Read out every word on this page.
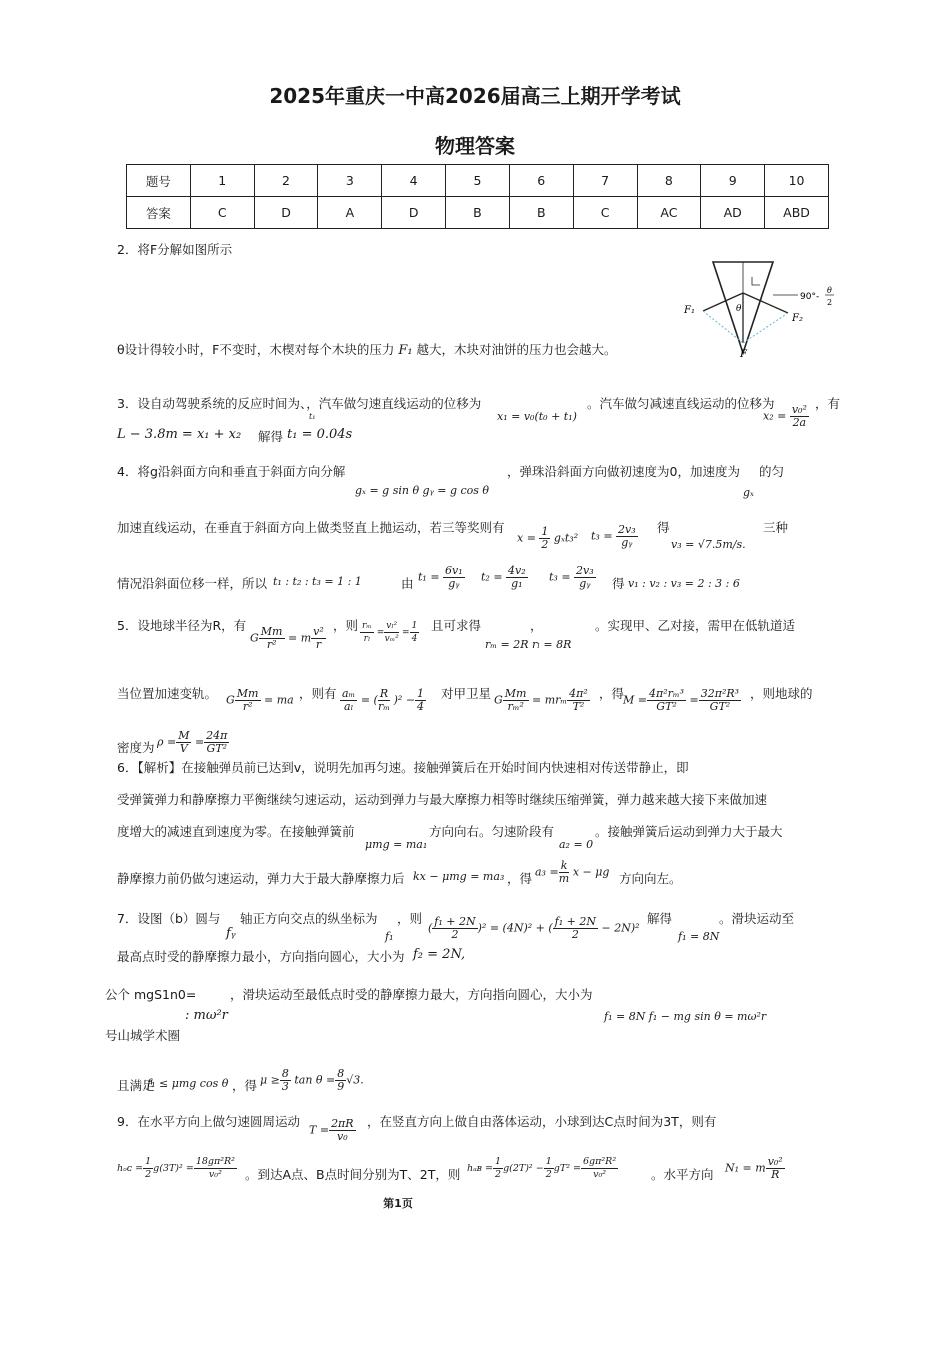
2025年重庆一中高2026届高三上期开学考试
物理答案
题号	1	2	3	4	5	6	7	8	9	10
答案	C	D	A	D	B	B	C	AC	AD	ABD
2．将F分解如图所示
θ设计得较小时，F不变时，木楔对每个木块的压力 F₁ 越大，木块对油饼的压力也会越大。
F₁
F₂
F
θ
90°-
θ
2
3．设自动驾驶系统的反应时间为、，汽车做匀速直线运动的位移为
t₁	x₁ = v₀(t₀ + t₁)
。汽车做匀减速直线运动的位移为
$x_2 = \frac{\text{v₀²}}{2a}$
，有
L − 3.8m = x₁ + x₂ 解得 t₁ = 0.04s
4．将g沿斜面方向和垂直于斜面方向分解
gₓ = g sin θ gᵧ = g cos θ
，弹珠沿斜面方向做初速度为0，加速度为 的匀
gₓ
加速直线运动，在垂直于斜面方向上做类竖直上抛运动，若三等奖则有
$x = \frac{1}{2} g_xt_3^2$ $t_3 = \frac{\text{2v₃}}{\text{gᵧ}}$ 得
v₃ = √7.5m/s.
三种
情况沿斜面位移一样，所以 t₁ : t₂ : t₃ = 1 : 1	由 $t_1 = \frac{\text{6v₁}}{\text{gᵧ}} t_2 = \frac{\text{4v₂}}{\text{g₁}} t_3 = \frac{\text{2v₃}}{\text{gᵧ}}$ 得 v₁ : v₂ : v₃ = 2 : 3 : 6
5．设地球半径为R，有
G $\frac{Mm}{\text{r²}} = m \frac{\text{v²}}{r}$
，则 $\frac{\text{rₘ}}{\text{rₗ}} = \frac{\text{vₗ²}}{\text{vₘ²}} = \frac{1}{4}$ 且可求得	，
rₘ = 2R rₗ = 8R
。实现甲、乙对接，需甲在低轨道适
当位置加速变轨。 G $\frac{Mm}{\text{r²}}$ = ma ，则有 $\frac{\text{aₘ}}{\text{aₗ}}$ = ( $\frac{R}{\text{rₘ}} )^2 - \frac{1}{4}$ 对甲卫星 G $\frac{Mm}{\text{rₘ²}} = mr_m \frac{\text{4π²}}{\text{T²}}$ ，得
$M = \frac{\text{4π²rₘ³}}{\text{GT²}} = \frac{\text{32π²R³}}{\text{GT²}}$ ，则地球的
密度为 $\rho = \frac{M}{V} = \frac{24\pi}{\text{GT²}}$
6．【解析】在接触弹员前已达到v，说明先加再匀速。接触弹簧后在开始时间内快速相对传送带静止，即
受弹簧弹力和静摩擦力平衡继续匀速运动，运动到弹力与最大摩擦力相等时继续压缩弹簧，弹力越来越大接下来做加速
度增大的减速直到速度为零。在接触弹簧前
μmg = ma₁
方向向右。匀速阶段有
a₂ = 0
。接触弹簧后运动到弹力大于最大
静摩擦力前仍做匀速运动，弹力大于最大静摩擦力后 kx − μmg = ma₃ ，得 $a_3 = \frac{k}{m}$ x − μg 方向向左。
7．设图（b）圆与
fᵧ
轴正方向交点的纵坐标为 ，则
f₁
( $\frac{\text{f₁ + 2N}}{2} )^2 = (4N)^2$ + ( $\frac{\text{f₁ + 2N}}{2} - 2N)^2$
解得
f₁ = 8N
。滑块运动至
最高点时受的静摩擦力最小，方向指向圆心，大小为 f₂ = 2N,
公个 mgS1n0=	，滑块运动至最低点时受的静摩擦力最大，方向指向圆心，大小为
: mω²r	f₁ = 8N f₁ − mg sin θ = mω²r
号山城学术圈
且满足
f₁ ≤ μmg cos θ ，得 $\mu \ge \frac{8}{3}$ $\tan \theta = \frac{8}{9} √3$.
9．在水平方向上做匀速圆周运动
$T = \frac{2\pi R}{\text{v₀}}$ ，在竖直方向上做自由落体运动，小球到达C点时间为3T，则有
hₒᴄ = $\frac{1}{2} g(3T)^2 = \frac{\text{18gπ²R²}}{\text{v₀²}}$ 。到达A点、B点时间分别为T、2T，则 hₐʙ = $\frac{1}{2} g(2T)^2 - \frac{1}{2} gT^2 = \frac{\text{6gπ²R²}}{\text{v₀²}}$	。水平方向 N₁ = m $\frac{\text{v₀²}}{R}$
第1页
